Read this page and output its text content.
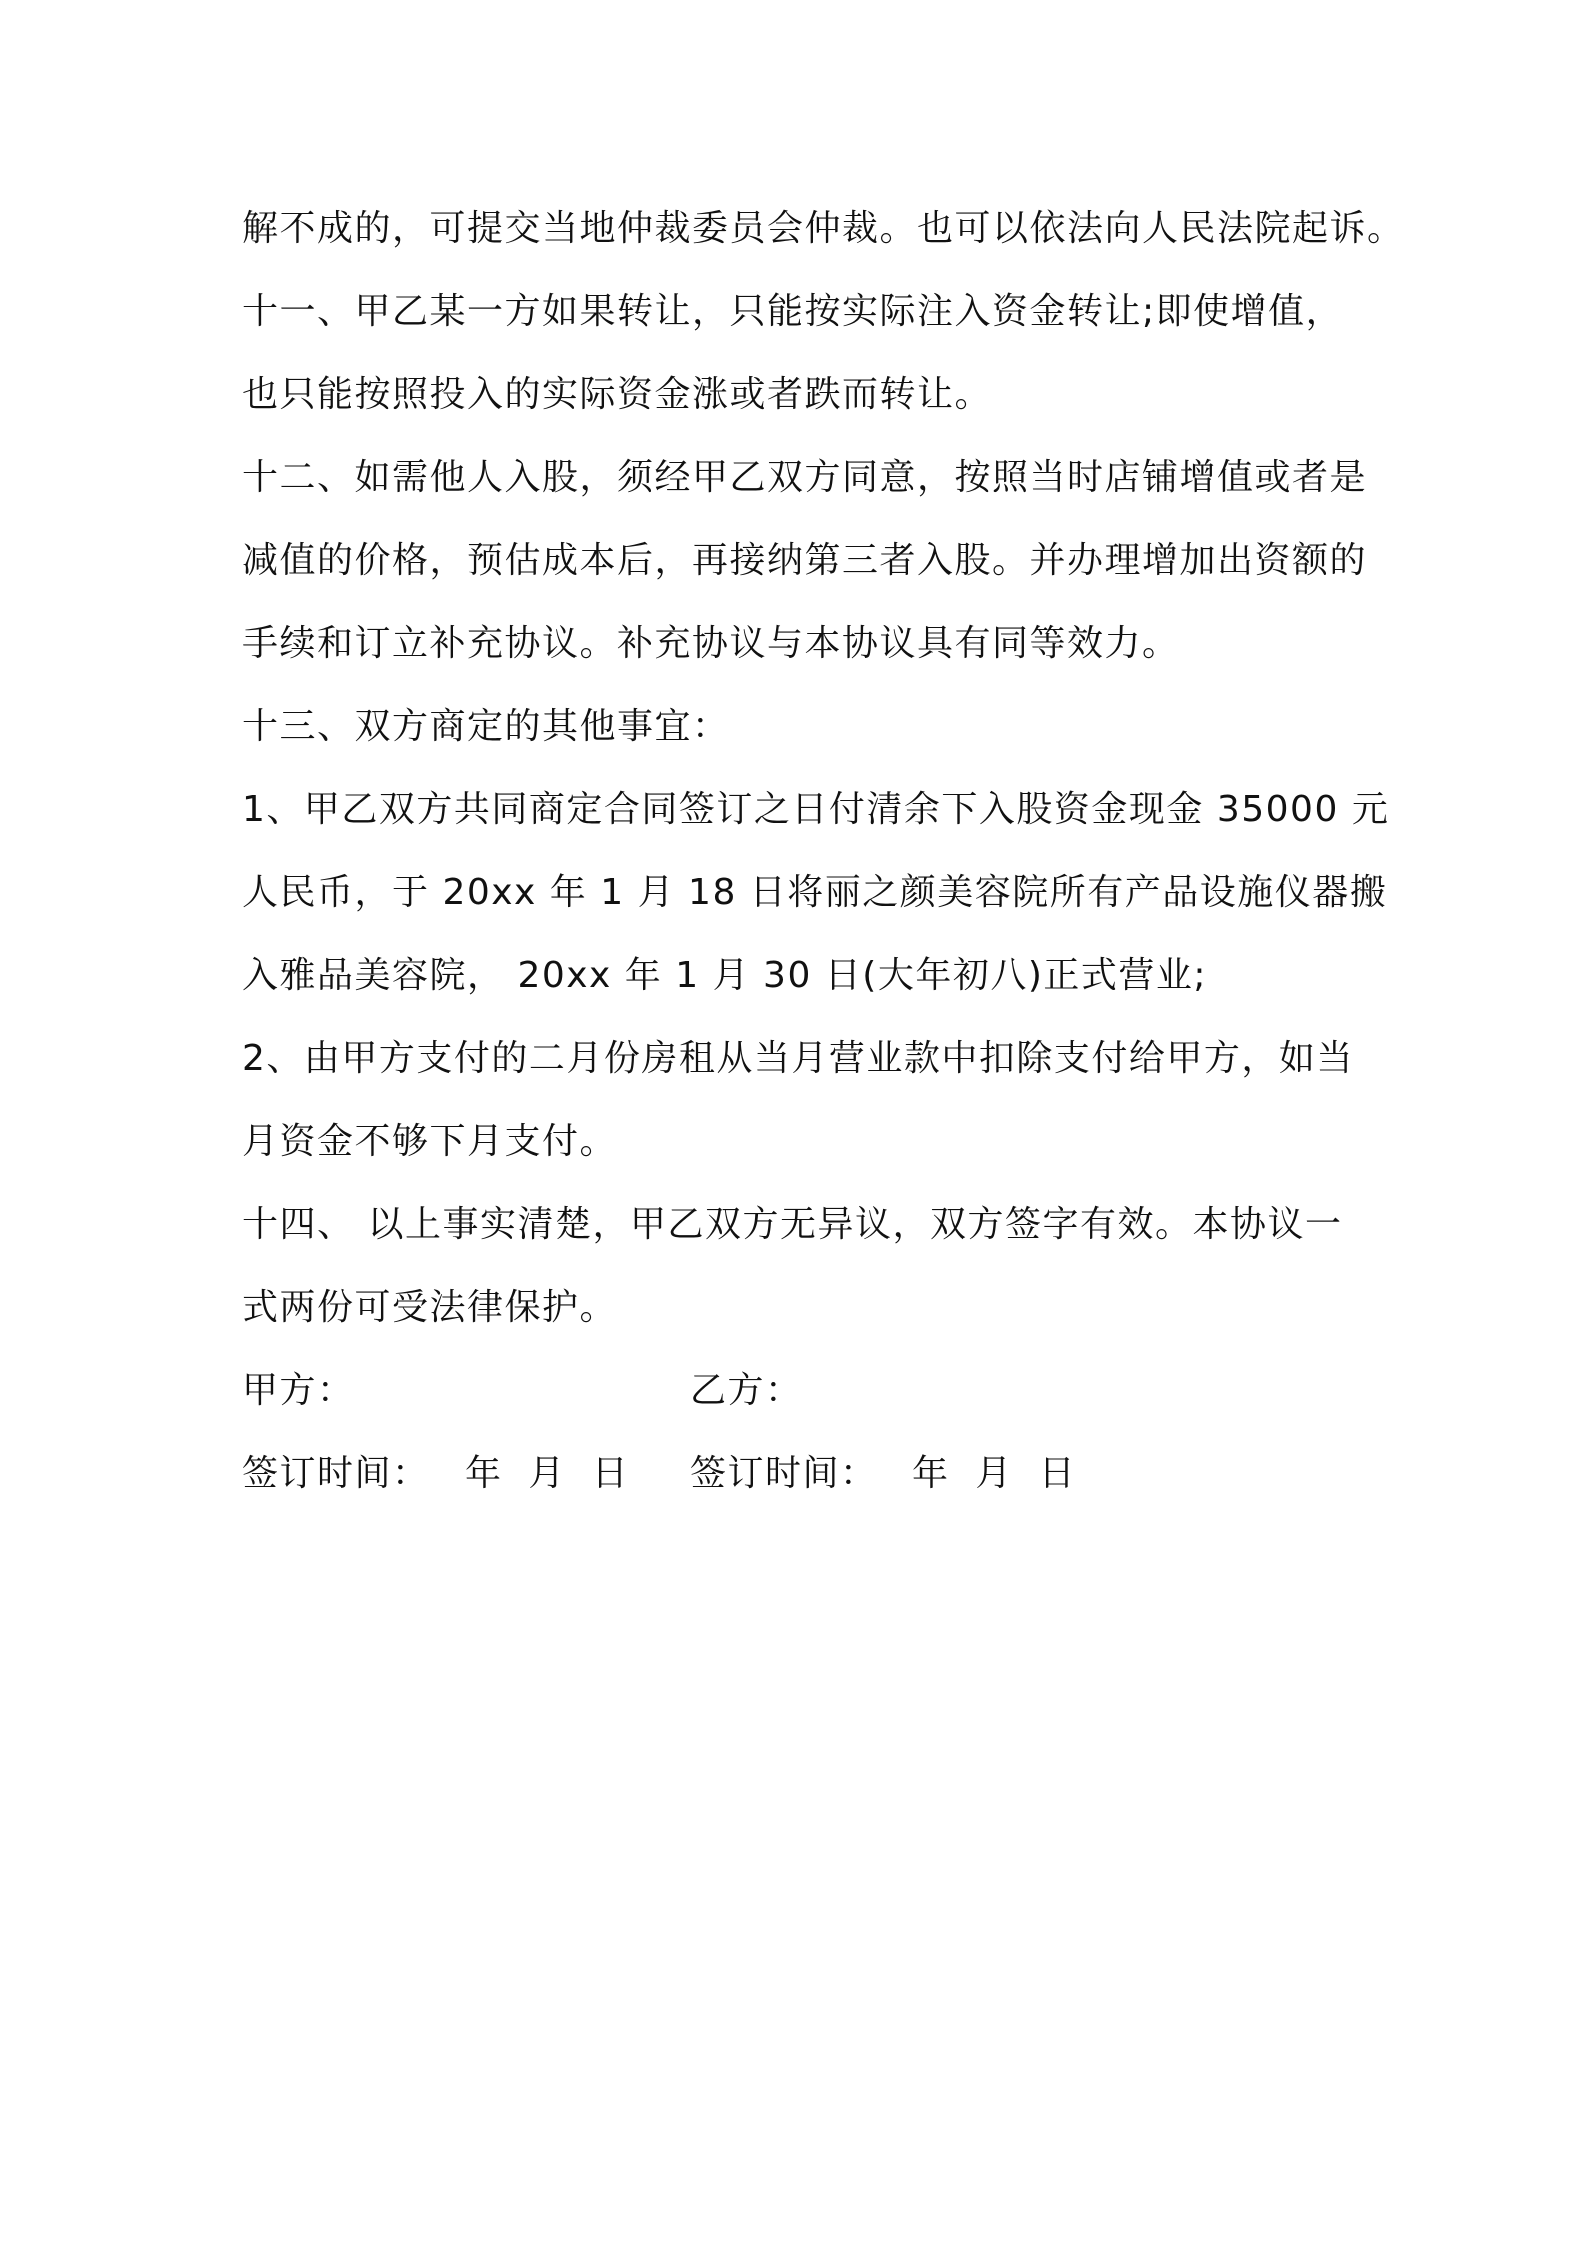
解不成的，可提交当地仲裁委员会仲裁。也可以依法向人民法院起诉。
十一、甲乙某一方如果转让，只能按实际注入资金转让;即使增值，
也只能按照投入的实际资金涨或者跌而转让。
十二、如需他人入股，须经甲乙双方同意，按照当时店铺增值或者是
减值的价格，预估成本后，再接纳第三者入股。并办理增加出资额的
手续和订立补充协议。补充协议与本协议具有同等效力。
十三、双方商定的其他事宜：
1、甲乙双方共同商定合同签订之日付清余下入股资金现金 35000 元
人民币，于 20xx 年 1 月 18 日将丽之颜美容院所有产品设施仪器搬
入雅品美容院， 20xx 年 1 月 30 日(大年初八)正式营业;
2、由甲方支付的二月份房租从当月营业款中扣除支付给甲方，如当
月资金不够下月支付。
十四、 以上事实清楚，甲乙双方无异议，双方签字有效。本协议一
式两份可受法律保护。
甲方：	乙方：
签订时间： 年  月  日 签订时间： 年  月  日
